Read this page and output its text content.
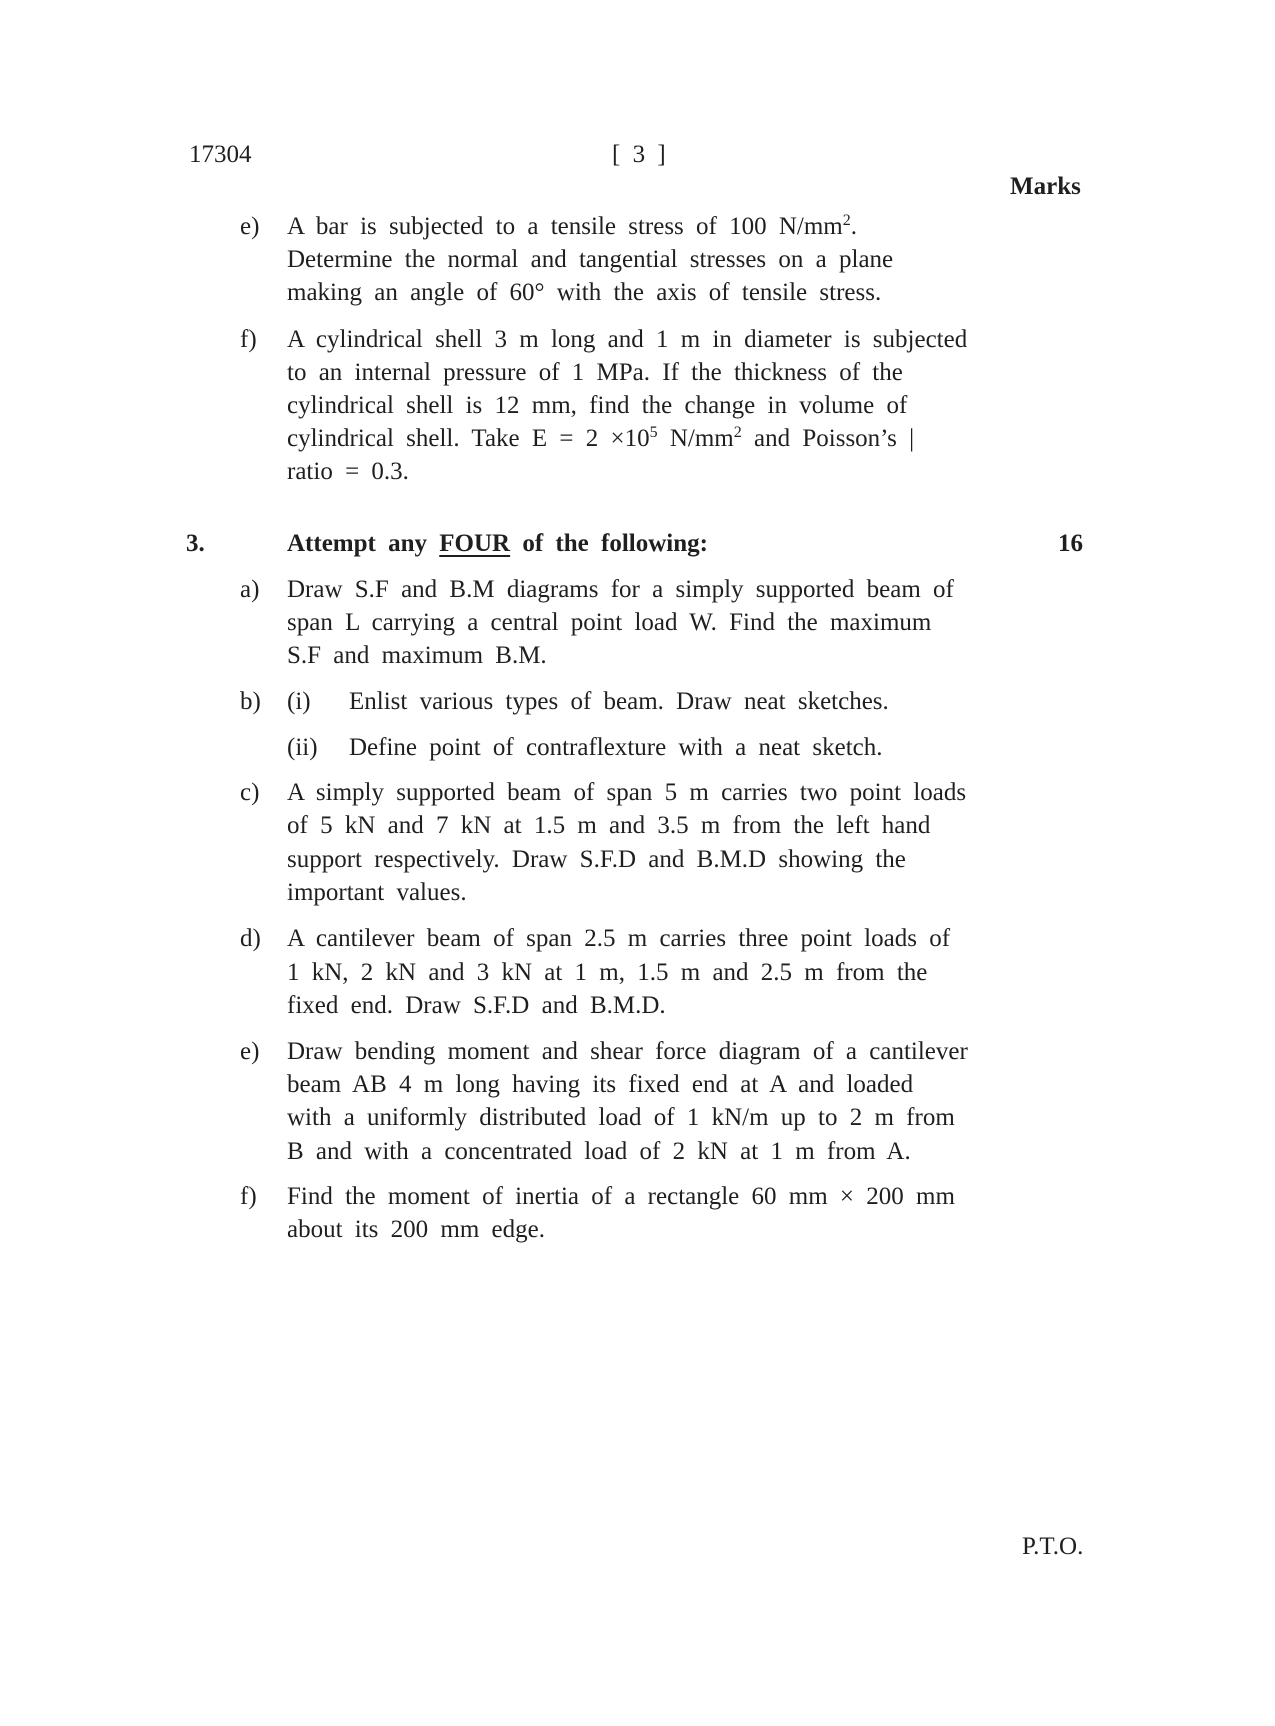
17304	[ 3 ]
Marks
e) A bar is subjected to a tensile stress of 100 $N/mm^2$.
Determine the normal and tangential stresses on a plane
making an angle of 60° with the axis of tensile stress.
f) A cylindrical shell 3 m long and 1 m in diameter is subjected
to an internal pressure of 1 MPa. If the thickness of the
cylindrical shell is 12 mm, find the change in volume of
cylindrical shell. Take $E = 2 \times 10^5$ $N/mm^2$ and Poisson’s |
ratio = 0.3.
3.	Attempt any FOUR of the following:	16
a) Draw S.F and B.M diagrams for a simply supported beam of
span L carrying a central point load W. Find the maximum
S.F and maximum B.M.
b) (i) Enlist various types of beam. Draw neat sketches.
(ii) Define point of contraflexture with a neat sketch.
c) A simply supported beam of span 5 m carries two point loads
of 5 kN and 7 kN at 1.5 m and 3.5 m from the left hand
support respectively. Draw S.F.D and B.M.D showing the
important values.
d) A cantilever beam of span 2.5 m carries three point loads of
1 kN, 2 kN and 3 kN at 1 m, 1.5 m and 2.5 m from the
fixed end. Draw S.F.D and B.M.D.
e) Draw bending moment and shear force diagram of a cantilever
beam AB 4 m long having its fixed end at A and loaded
with a uniformly distributed load of 1 kN/m up to 2 m from
B and with a concentrated load of 2 kN at 1 m from A.
f) Find the moment of inertia of a rectangle 60 mm × 200 mm
about its 200 mm edge.
P.T.O.
